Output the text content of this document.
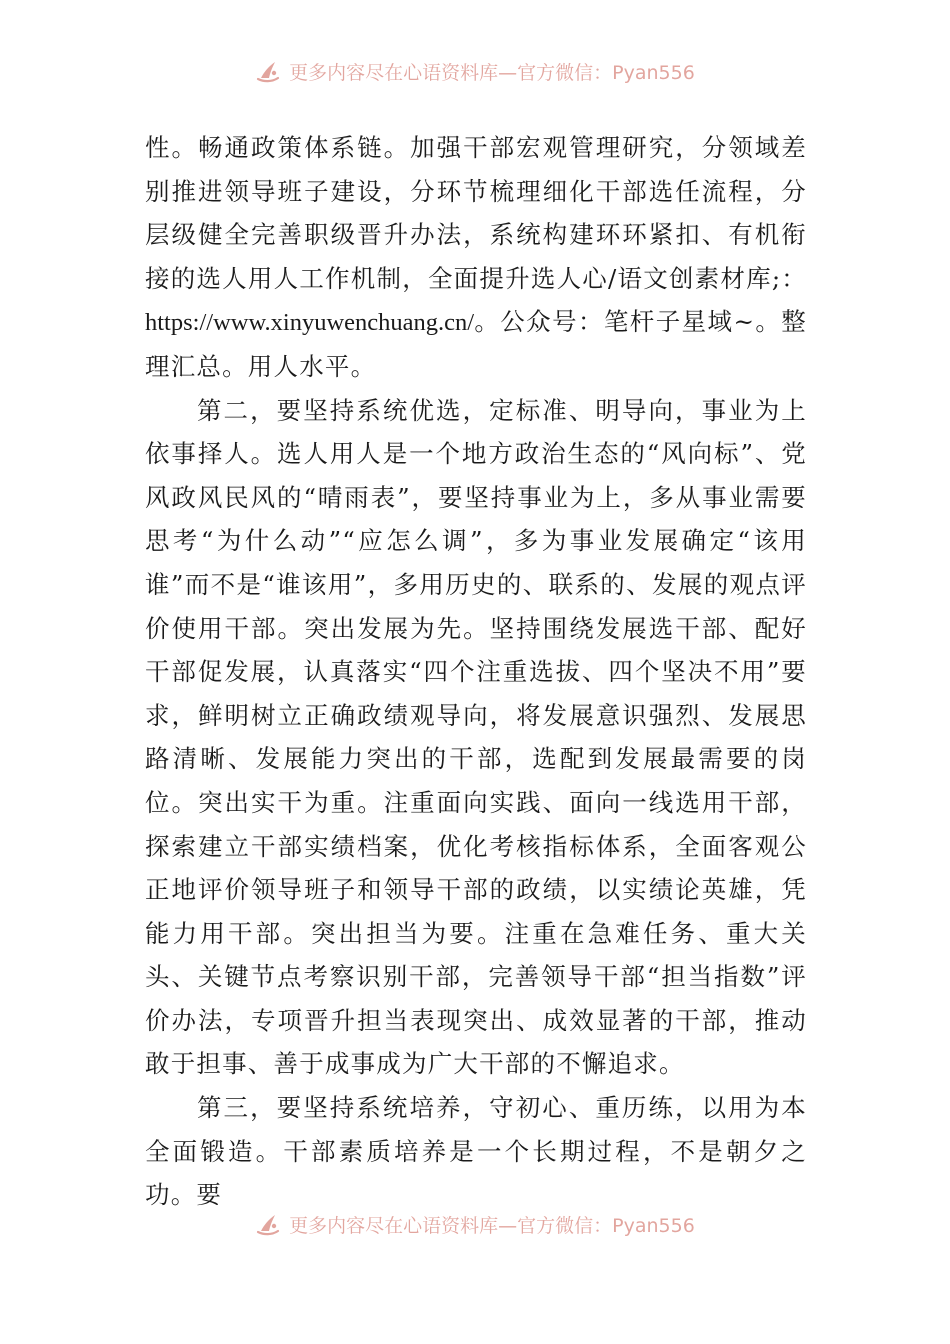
更多内容尽在心语资料库—官方微信：Pyan556

性。畅通政策体系链。加强干部宏观管理研究，分领域差别推进领导班子建设，分环节梳理细化干部选任流程，分层级健全完善职级晋升办法，系统构建环环紧扣、有机衔接的选人用人工作机制，全面提升选人心/语文创素材库;：https://www.xinyuwenchuang.cn/。公众号：笔杆子星域~。整理汇总。用人水平。

第二，要坚持系统优选，定标准、明导向，事业为上依事择人。选人用人是一个地方政治生态的“风向标”、党风政风民风的“晴雨表”，要坚持事业为上，多从事业需要思考“为什么动”“应怎么调”，多为事业发展确定“该用谁”而不是“谁该用”，多用历史的、联系的、发展的观点评价使用干部。突出发展为先。坚持围绕发展选干部、配好干部促发展，认真落实“四个注重选拔、四个坚决不用”要求，鲜明树立正确政绩观导向，将发展意识强烈、发展思路清晰、发展能力突出的干部，选配到发展最需要的岗位。突出实干为重。注重面向实践、面向一线选用干部，探索建立干部实绩档案，优化考核指标体系，全面客观公正地评价领导班子和领导干部的政绩，以实绩论英雄，凭能力用干部。突出担当为要。注重在急难任务、重大关头、关键节点考察识别干部，完善领导干部“担当指数”评价办法，专项晋升担当表现突出、成效显著的干部，推动敢于担事、善于成事成为广大干部的不懈追求。

第三，要坚持系统培养，守初心、重历练，以用为本全面锻造。干部素质培养是一个长期过程，不是朝夕之功。要

更多内容尽在心语资料库—官方微信：Pyan556
